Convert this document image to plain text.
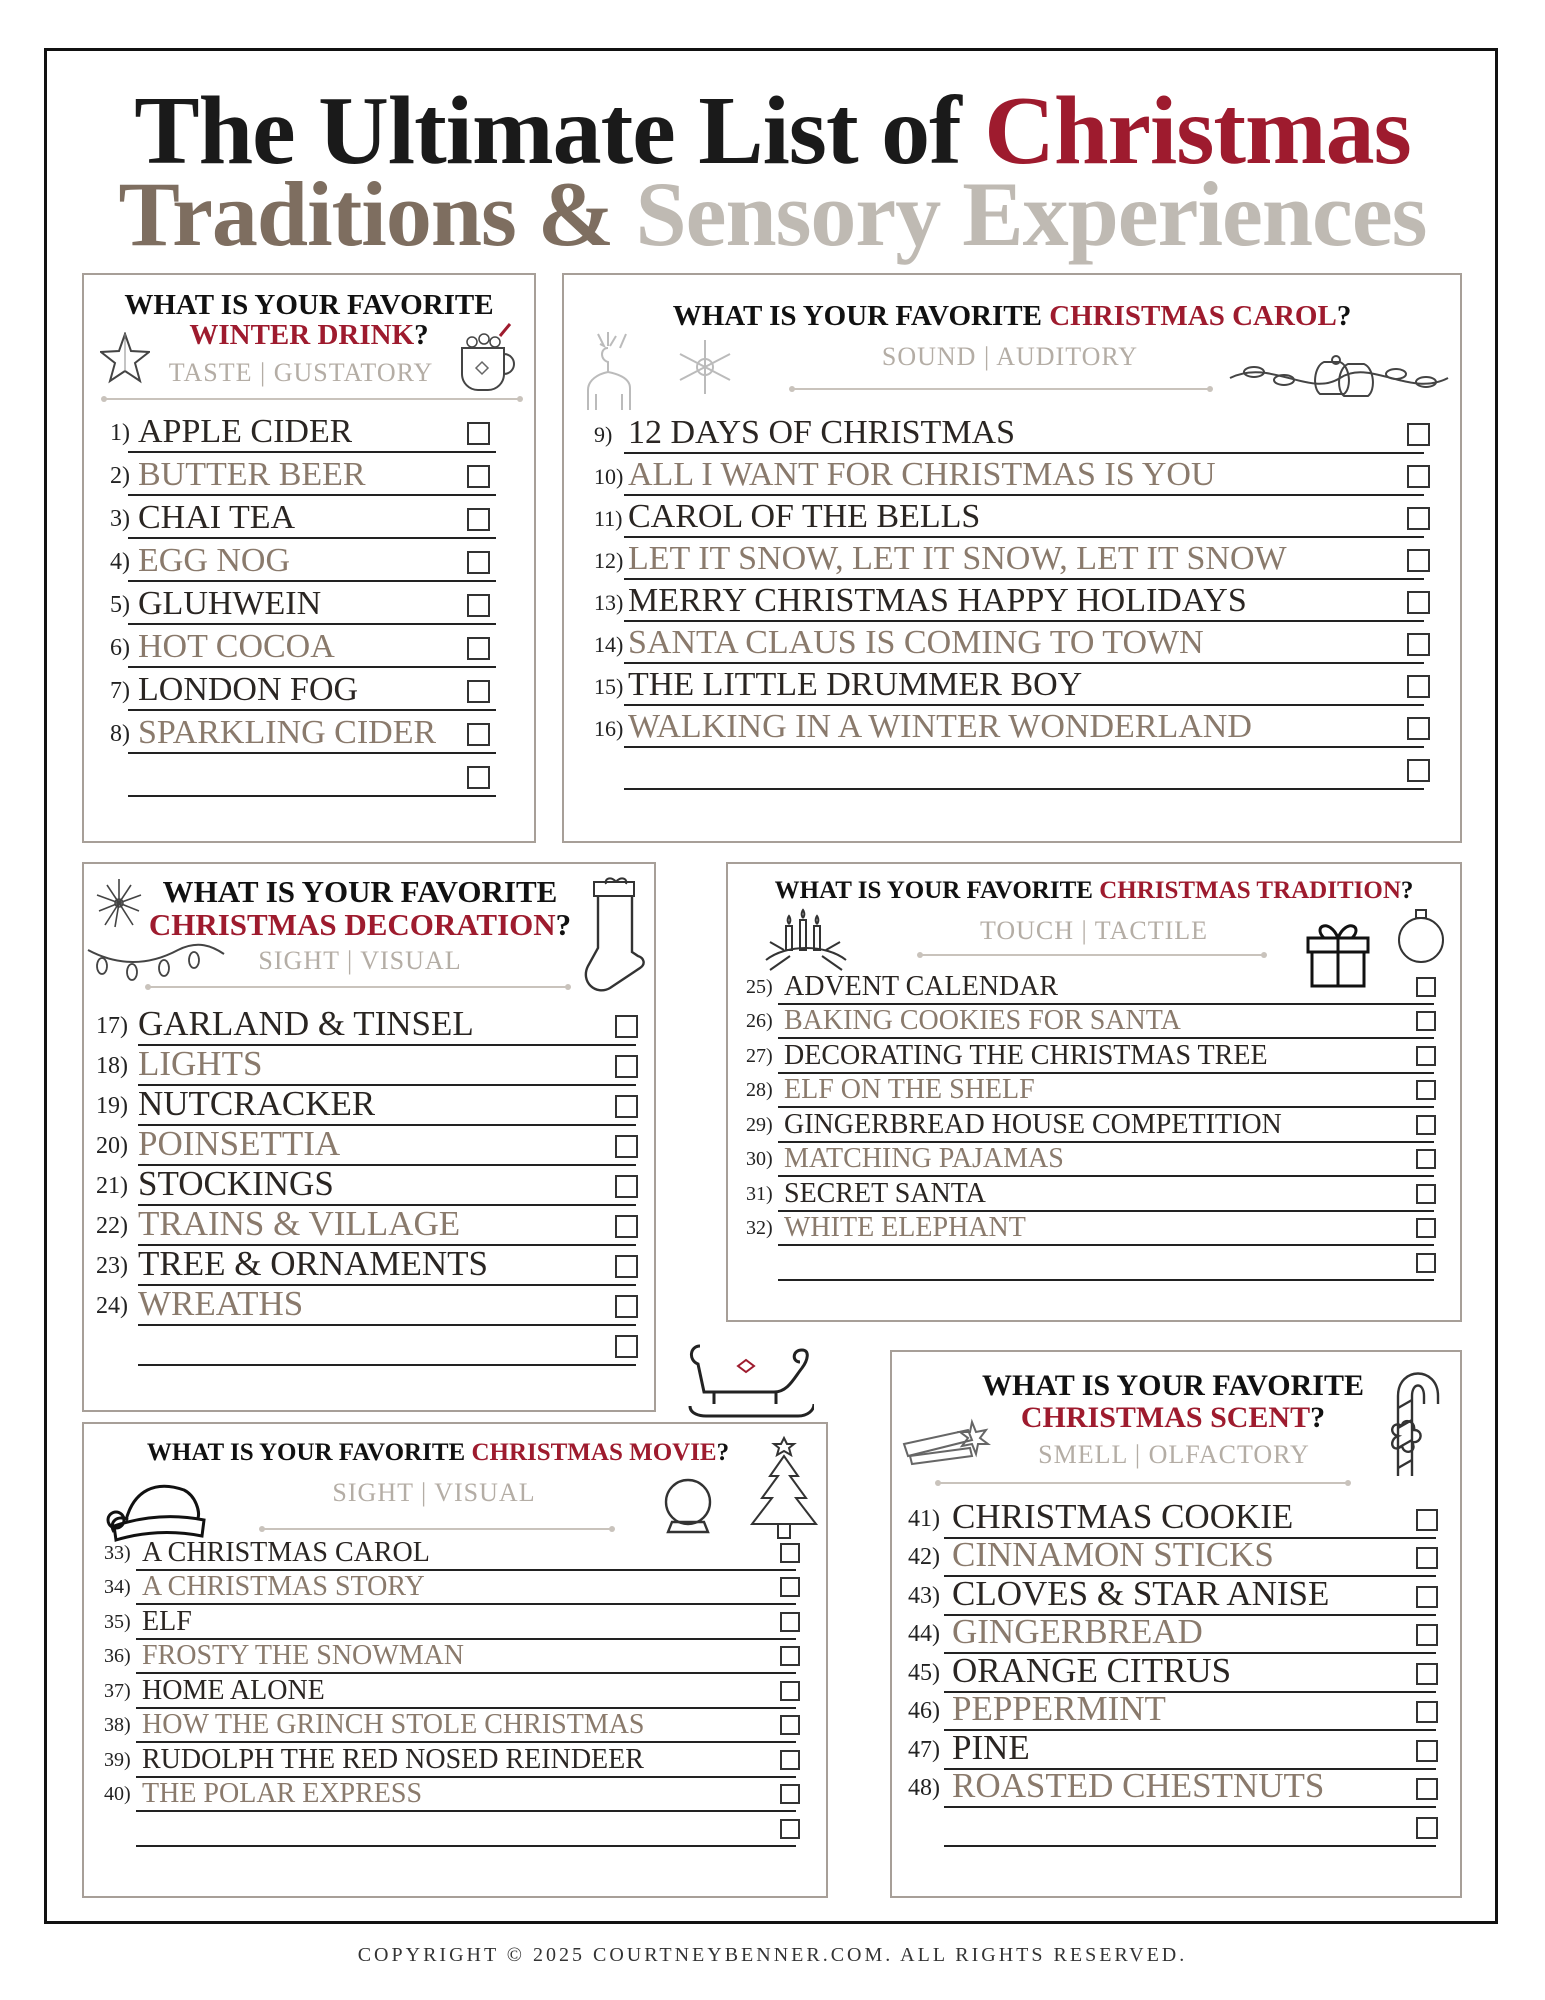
The Ultimate List of Christmas
Traditions & Sensory Experiences
WHAT IS YOUR FAVORITE
WINTER DRINK?
TASTE | GUSTATORY
1) APPLE CIDER
2) BUTTER BEER
3) CHAI TEA
4) EGG NOG
5) GLUHWEIN
6) HOT COCOA
7) LONDON FOG
8) SPARKLING CIDER
WHAT IS YOUR FAVORITE CHRISTMAS CAROL?
SOUND | AUDITORY
9) 12 DAYS OF CHRISTMAS
10) ALL I WANT FOR CHRISTMAS IS YOU
11) CAROL OF THE BELLS
12) LET IT SNOW, LET IT SNOW, LET IT SNOW
13) MERRY CHRISTMAS HAPPY HOLIDAYS
14) SANTA CLAUS IS COMING TO TOWN
15) THE LITTLE DRUMMER BOY
16) WALKING IN A WINTER WONDERLAND
WHAT IS YOUR FAVORITE
CHRISTMAS DECORATION?
SIGHT | VISUAL
17) GARLAND & TINSEL
18) LIGHTS
19) NUTCRACKER
20) POINSETTIA
21) STOCKINGS
22) TRAINS & VILLAGE
23) TREE & ORNAMENTS
24) WREATHS
WHAT IS YOUR FAVORITE CHRISTMAS TRADITION?
TOUCH | TACTILE
25) ADVENT CALENDAR
26) BAKING COOKIES FOR SANTA
27) DECORATING THE CHRISTMAS TREE
28) ELF ON THE SHELF
29) GINGERBREAD HOUSE COMPETITION
30) MATCHING PAJAMAS
31) SECRET SANTA
32) WHITE ELEPHANT
WHAT IS YOUR FAVORITE CHRISTMAS MOVIE?
SIGHT | VISUAL
33) A CHRISTMAS CAROL
34) A CHRISTMAS STORY
35) ELF
36) FROSTY THE SNOWMAN
37) HOME ALONE
38) HOW THE GRINCH STOLE CHRISTMAS
39) RUDOLPH THE RED NOSED REINDEER
40) THE POLAR EXPRESS
WHAT IS YOUR FAVORITE
CHRISTMAS SCENT?
SMELL | OLFACTORY
41) CHRISTMAS COOKIE
42) CINNAMON STICKS
43) CLOVES & STAR ANISE
44) GINGERBREAD
45) ORANGE CITRUS
46) PEPPERMINT
47) PINE
48) ROASTED CHESTNUTS
COPYRIGHT © 2025 COURTNEYBENNER.COM. ALL RIGHTS RESERVED.
